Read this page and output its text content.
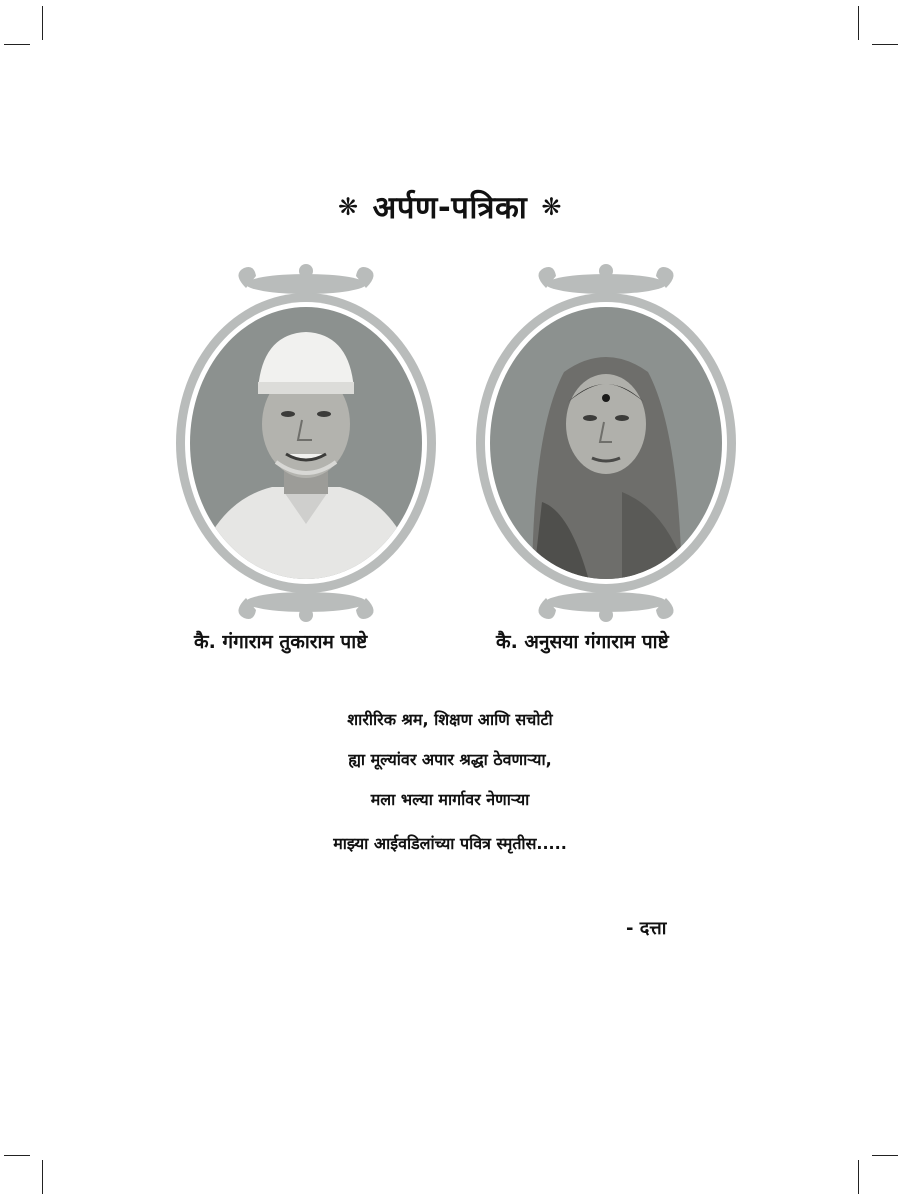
❋ अर्पण-पत्रिका ❋
कै. गंगाराम तुकाराम पाष्टे	कै. अनुसया गंगाराम पाष्टे
शारीरिक श्रम, शिक्षण आणि सचोटी
ह्या मूल्यांवर अपार श्रद्धा ठेवणाऱ्या,
मला भल्या मार्गावर नेणाऱ्या
माझ्या आईवडिलांच्या पवित्र स्मृतीस.....
- दत्ता
